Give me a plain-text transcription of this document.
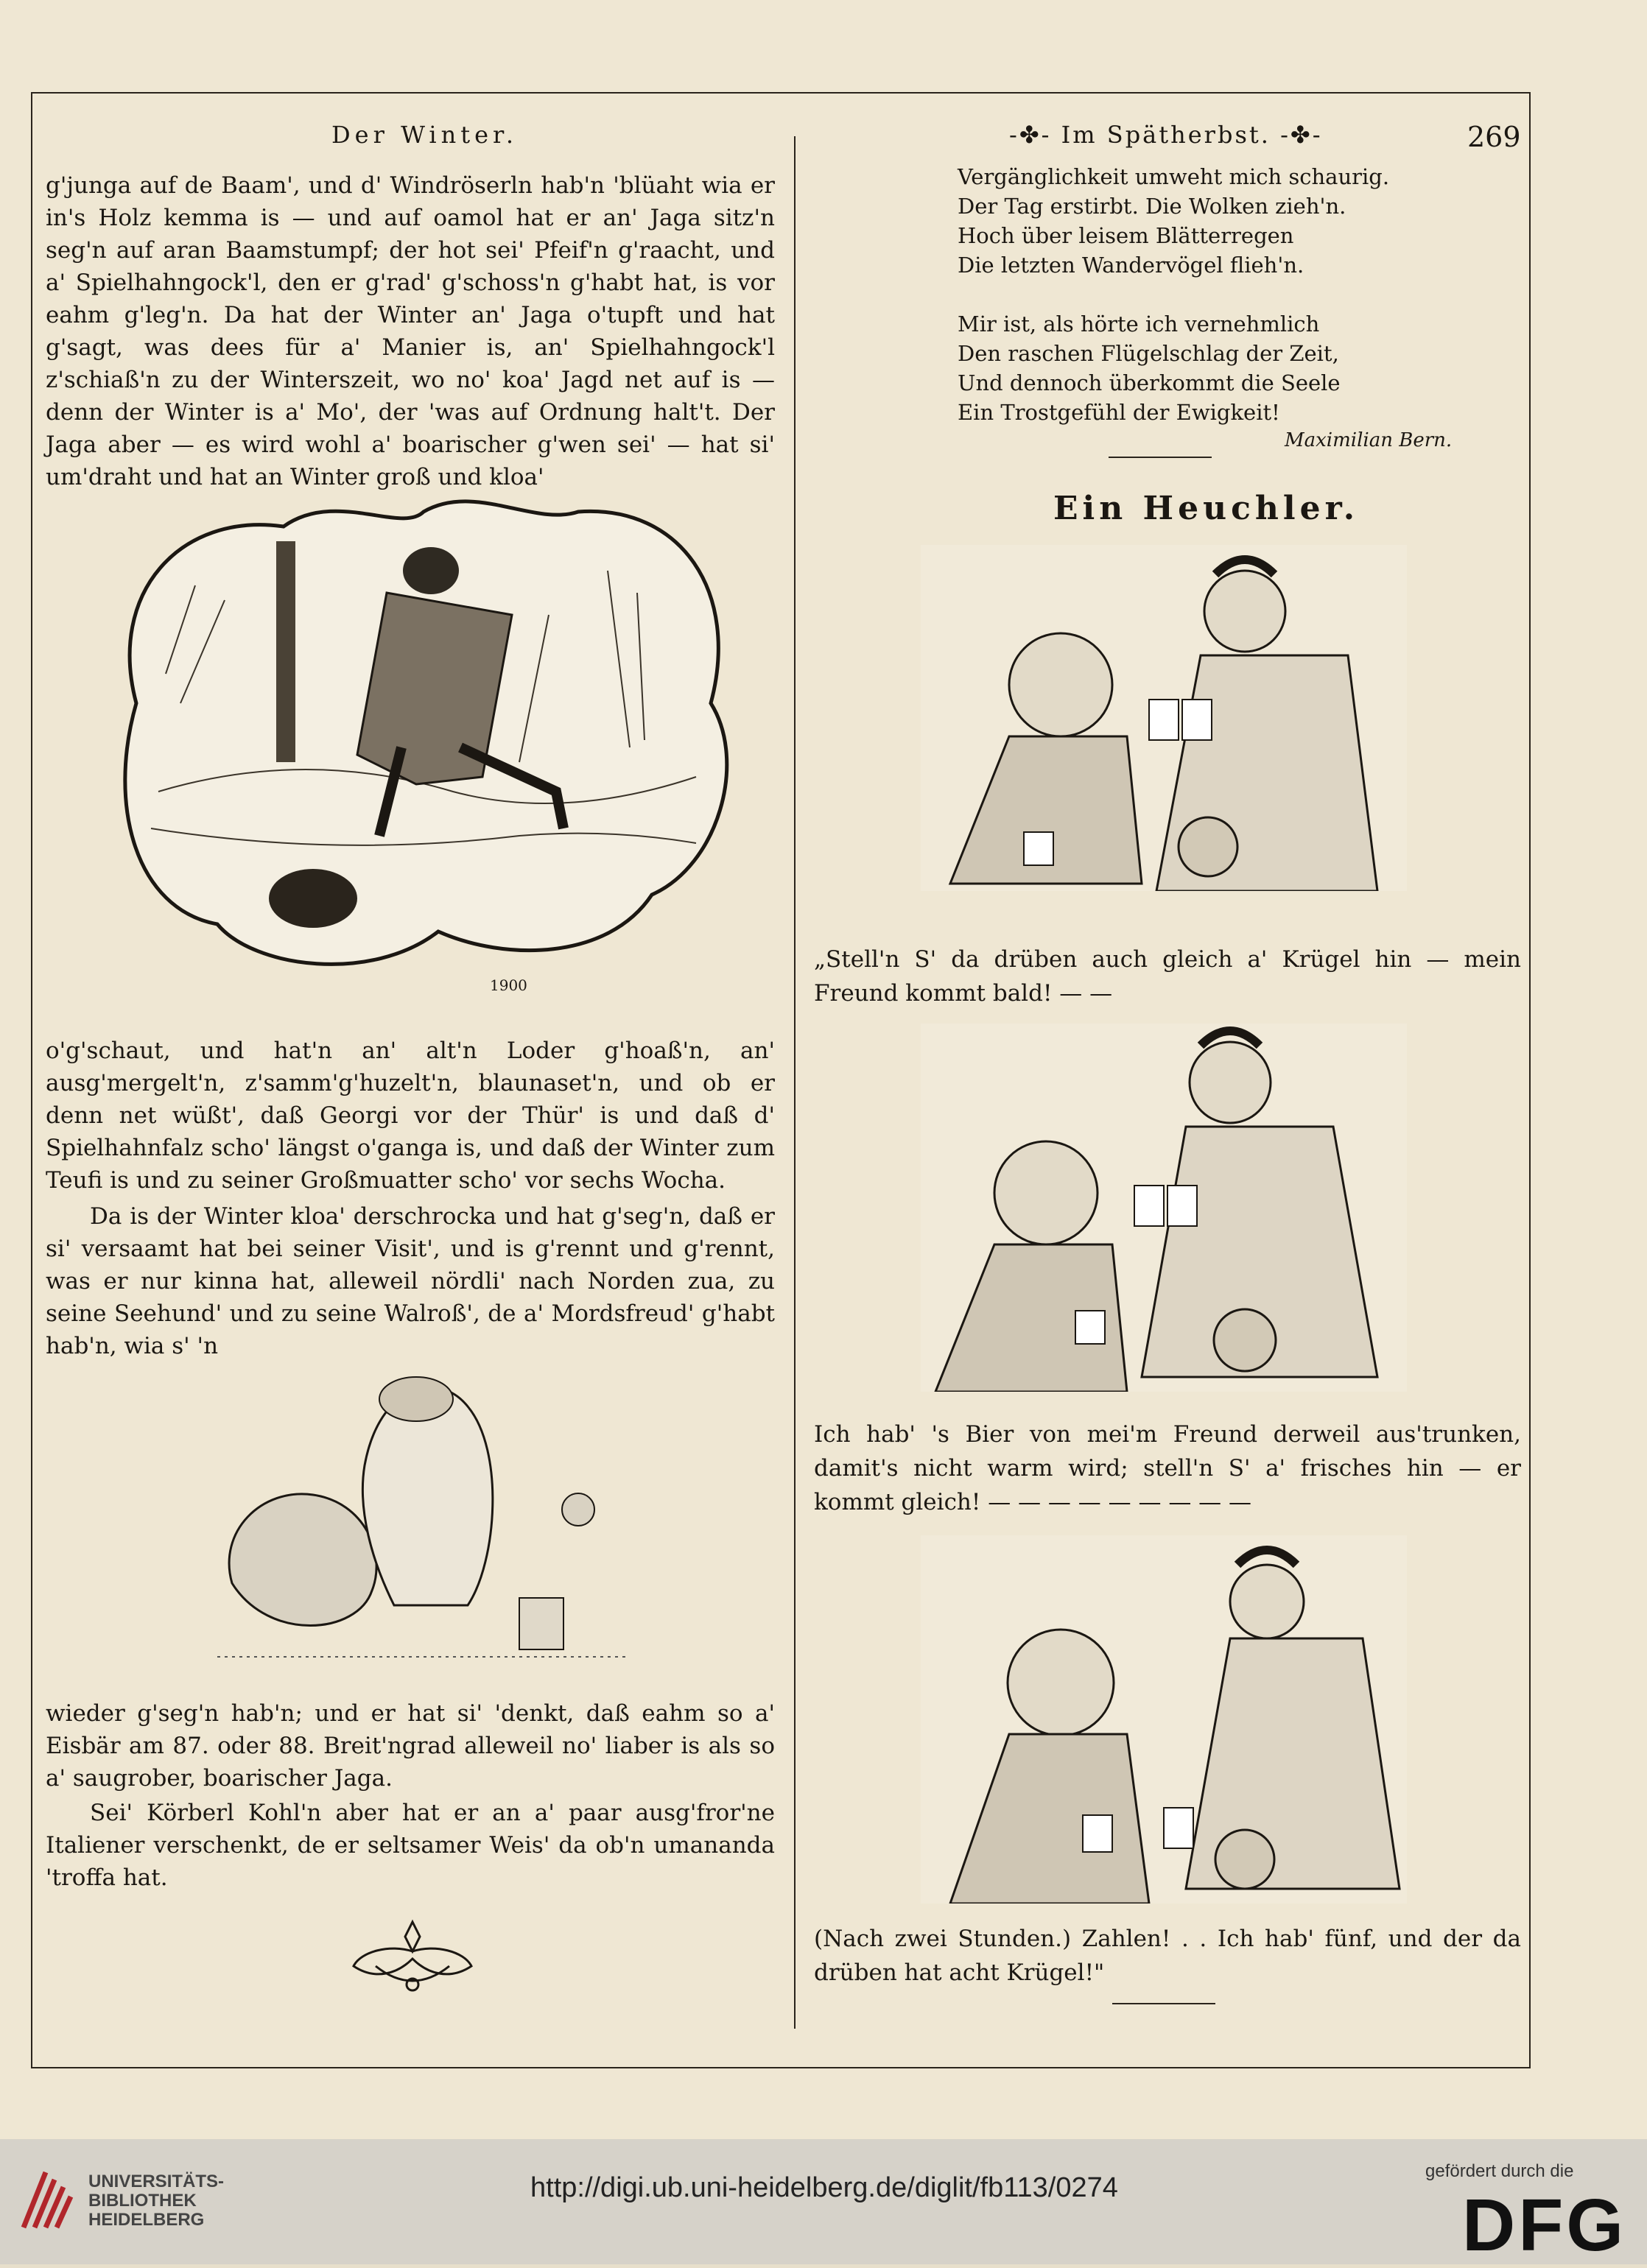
Der Winter.	-✤- Im Spätherbst. -✤-	269

g'junga auf de Baam', und d' Windröserln hab'n 'blüaht wia er in's Holz kemma is — und auf oamol hat er an' Jaga sitz'n seg'n auf aran Baamstumpf; der hot sei' Pfeif'n g'raacht, und a' Spielhahngock'l, den er g'rad' g'schoss'n g'habt hat, is vor eahm g'leg'n. Da hat der Winter an' Jaga o'tupft und hat g'sagt, was dees für a' Manier is, an' Spielhahngock'l z'schiaß'n zu der Winterszeit, wo no' koa' Jagd net auf is — denn der Winter is a' Mo', der 'was auf Ordnung halt't. Der Jaga aber — es wird wohl a' boarischer g'wen sei' — hat si' um'draht und hat an Winter groß und kloa'

1900

o'g'schaut, und hat'n an' alt'n Loder g'hoaß'n, an' ausg'mergelt'n, z'samm'g'huzelt'n, blaunaset'n, und ob er denn net wüßt', daß Georgi vor der Thür' is und daß d' Spielhahnfalz scho' längst o'ganga is, und daß der Winter zum Teufi is und zu seiner Großmuatter scho' vor sechs Wocha.

Da is der Winter kloa' derschrocka und hat g'seg'n, daß er si' versaamt hat bei seiner Visit', und is g'rennt und g'rennt, was er nur kinna hat, alleweil nördli' nach Norden zua, zu seine Seehund' und zu seine Walroß', de a' Mordsfreud' g'habt hab'n, wia s' 'n

wieder g'seg'n hab'n; und er hat si' 'denkt, daß eahm so a' Eisbär am 87. oder 88. Breit'ngrad alleweil no' liaber is als so a' saugrober, boarischer Jaga.

Sei' Körberl Kohl'n aber hat er an a' paar ausg'fror'ne Italiener verschenkt, de er seltsamer Weis' da ob'n umananda 'troffa hat.

Vergänglichkeit umweht mich schaurig.
Der Tag erstirbt. Die Wolken zieh'n.
Hoch über leisem Blätterregen
Die letzten Wandervögel flieh'n.
Mir ist, als hörte ich vernehmlich
Den raschen Flügelschlag der Zeit,
Und dennoch überkommt die Seele
Ein Trostgefühl der Ewigkeit!
Maximilian Bern.
Ein Heuchler.

„Stell'n S' da drüben auch gleich a' Krügel hin — mein Freund kommt bald! — —

Ich hab' 's Bier von mei'm Freund derweil aus'trunken, damit's nicht warm wird; stell'n S' a' frisches hin — er kommt gleich! — — — — — — — — —

(Nach zwei Stunden.) Zahlen! . . Ich hab' fünf, und der da drüben hat acht Krügel!"

UNIVERSITÄTS-
BIBLIOTHEK
HEIDELBERG
http://digi.ub.uni-heidelberg.de/diglit/fb113/0274
gefördert durch die
DFG
